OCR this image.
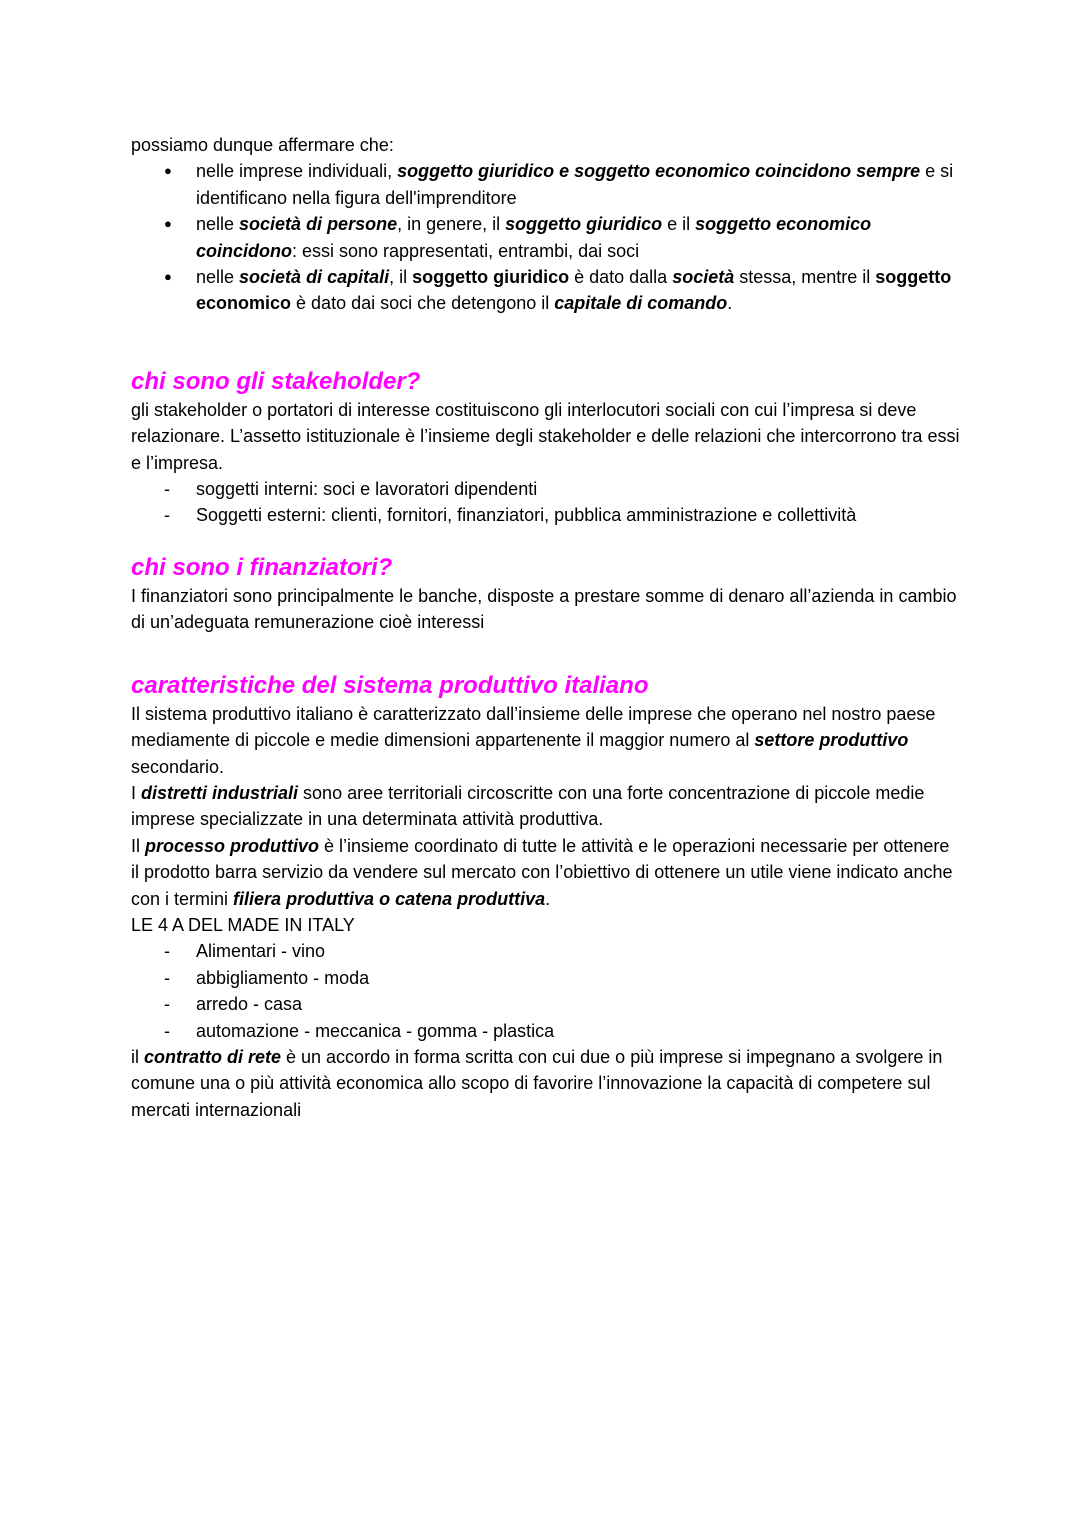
possiamo dunque affermare che:

● nelle imprese individuali, soggetto giuridico e soggetto economico coincidono sempre e si identificano nella figura dell'imprenditore
● nelle società di persone, in genere, il soggetto giuridico e il soggetto economico coincidono: essi sono rappresentati, entrambi, dai soci
● nelle società di capitali, il soggetto giuridico è dato dalla società stessa, mentre il soggetto economico è dato dai soci che detengono il capitale di comando.
chi sono gli stakeholder?

gli stakeholder o portatori di interesse costituiscono gli interlocutori sociali con cui l’impresa si deve relazionare. L’assetto istituzionale è l’insieme degli stakeholder e delle relazioni che intercorrono tra essi e l’impresa.

- soggetti interni: soci e lavoratori dipendenti
- Soggetti esterni: clienti, fornitori, finanziatori, pubblica amministrazione e collettività
chi sono i finanziatori?

I finanziatori sono principalmente le banche, disposte a prestare somme di denaro all’azienda in cambio di un’adeguata remunerazione cioè interessi

caratteristiche del sistema produttivo italiano

Il sistema produttivo italiano è caratterizzato dall’insieme delle imprese che operano nel nostro paese mediamente di piccole e medie dimensioni appartenente il maggior numero al settore produttivo secondario.

I distretti industriali sono aree territoriali circoscritte con una forte concentrazione di piccole medie imprese specializzate in una determinata attività produttiva.

Il processo produttivo è l’insieme coordinato di tutte le attività e le operazioni necessarie per ottenere il prodotto barra servizio da vendere sul mercato con l’obiettivo di ottenere un utile viene indicato anche con i termini filiera produttiva o catena produttiva.

LE 4 A DEL MADE IN ITALY

- Alimentari - vino
- abbigliamento - moda
- arredo - casa
- automazione - meccanica - gomma - plastica

il contratto di rete è un accordo in forma scritta con cui due o più imprese si impegnano a svolgere in comune una o più attività economica allo scopo di favorire l’innovazione la capacità di competere sul mercati internazionali
